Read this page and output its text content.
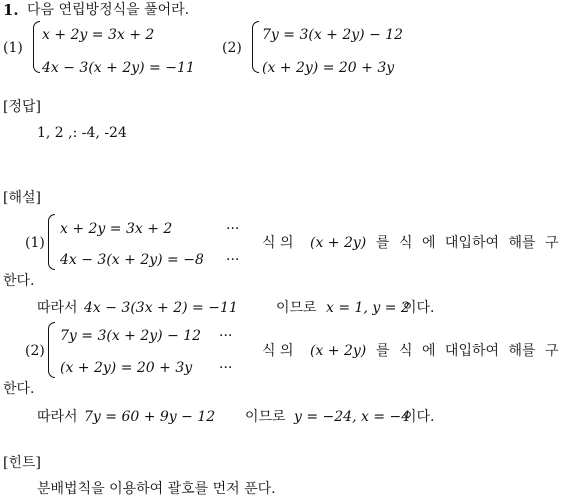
1. 다음 연립방정식을 풀어라.
(1)
x + 2y = 3x + 2
4x − 3(x + 2y) = −11
(2)
7y = 3(x + 2y) − 12
(x + 2y) = 20 + 3y
[정답]
1, 2 ,: -4, -24
[해설]
(1)
x + 2y = 3x + 2	···
4x − 3(x + 2y) = −8 ···
식 의 (x + 2y) 를 식 에 대입하여 해를 구
한다.
따라서 4x − 3(3x + 2) = −11	이므로 x = 1, y = 2
이다.
(2)
7y = 3(x + 2y) − 12 ···
(x + 2y) = 20 + 3y ···
식 의 (x + 2y) 를 식 에 대입하여 해를 구
한다.
따라서 7y = 60 + 9y − 12 이므로 y = −24, x = −4
이다.
[힌트]
분배법칙을 이용하여 괄호를 먼저 푼다.
